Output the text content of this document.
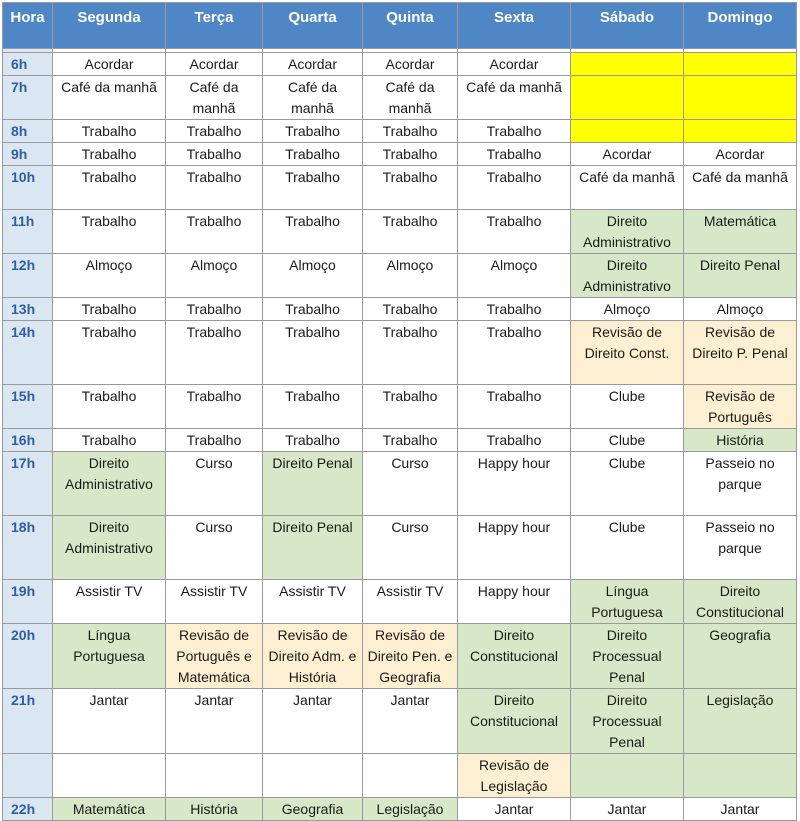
Hora	Segunda	Terça	Quarta	Quinta	Sexta	Sábado	Domingo

6h	Acordar	Acordar	Acordar	Acordar	Acordar		
7h	Café da manhã	Café da manhã	Café da manhã	Café da manhã	Café da manhã		
8h	Trabalho	Trabalho	Trabalho	Trabalho	Trabalho		
9h	Trabalho	Trabalho	Trabalho	Trabalho	Trabalho	Acordar	Acordar
10h	Trabalho	Trabalho	Trabalho	Trabalho	Trabalho	Café da manhã	Café da manhã
11h	Trabalho	Trabalho	Trabalho	Trabalho	Trabalho	Direito Administrativo	Matemática
12h	Almoço	Almoço	Almoço	Almoço	Almoço	Direito Administrativo	Direito Penal
13h	Trabalho	Trabalho	Trabalho	Trabalho	Trabalho	Almoço	Almoço
14h	Trabalho	Trabalho	Trabalho	Trabalho	Trabalho	Revisão de Direito Const.	Revisão de Direito P. Penal
15h	Trabalho	Trabalho	Trabalho	Trabalho	Trabalho	Clube	Revisão de Português
16h	Trabalho	Trabalho	Trabalho	Trabalho	Trabalho	Clube	História
17h	Direito Administrativo	Curso	Direito Penal	Curso	Happy hour	Clube	Passeio no parque
18h	Direito Administrativo	Curso	Direito Penal	Curso	Happy hour	Clube	Passeio no parque
19h	Assistir TV	Assistir TV	Assistir TV	Assistir TV	Happy hour	Língua Portuguesa	Direito Constitucional
20h	Língua Portuguesa	Revisão de Português e Matemática	Revisão de Direito Adm. e História	Revisão de Direito Pen. e Geografia	Direito Constitucional	Direito Processual Penal	Geografia
21h	Jantar	Jantar	Jantar	Jantar	Direito Constitucional	Direito Processual Penal	Legislação
					Revisão de Legislação		
22h	Matemática	História	Geografia	Legislação	Jantar	Jantar	Jantar
